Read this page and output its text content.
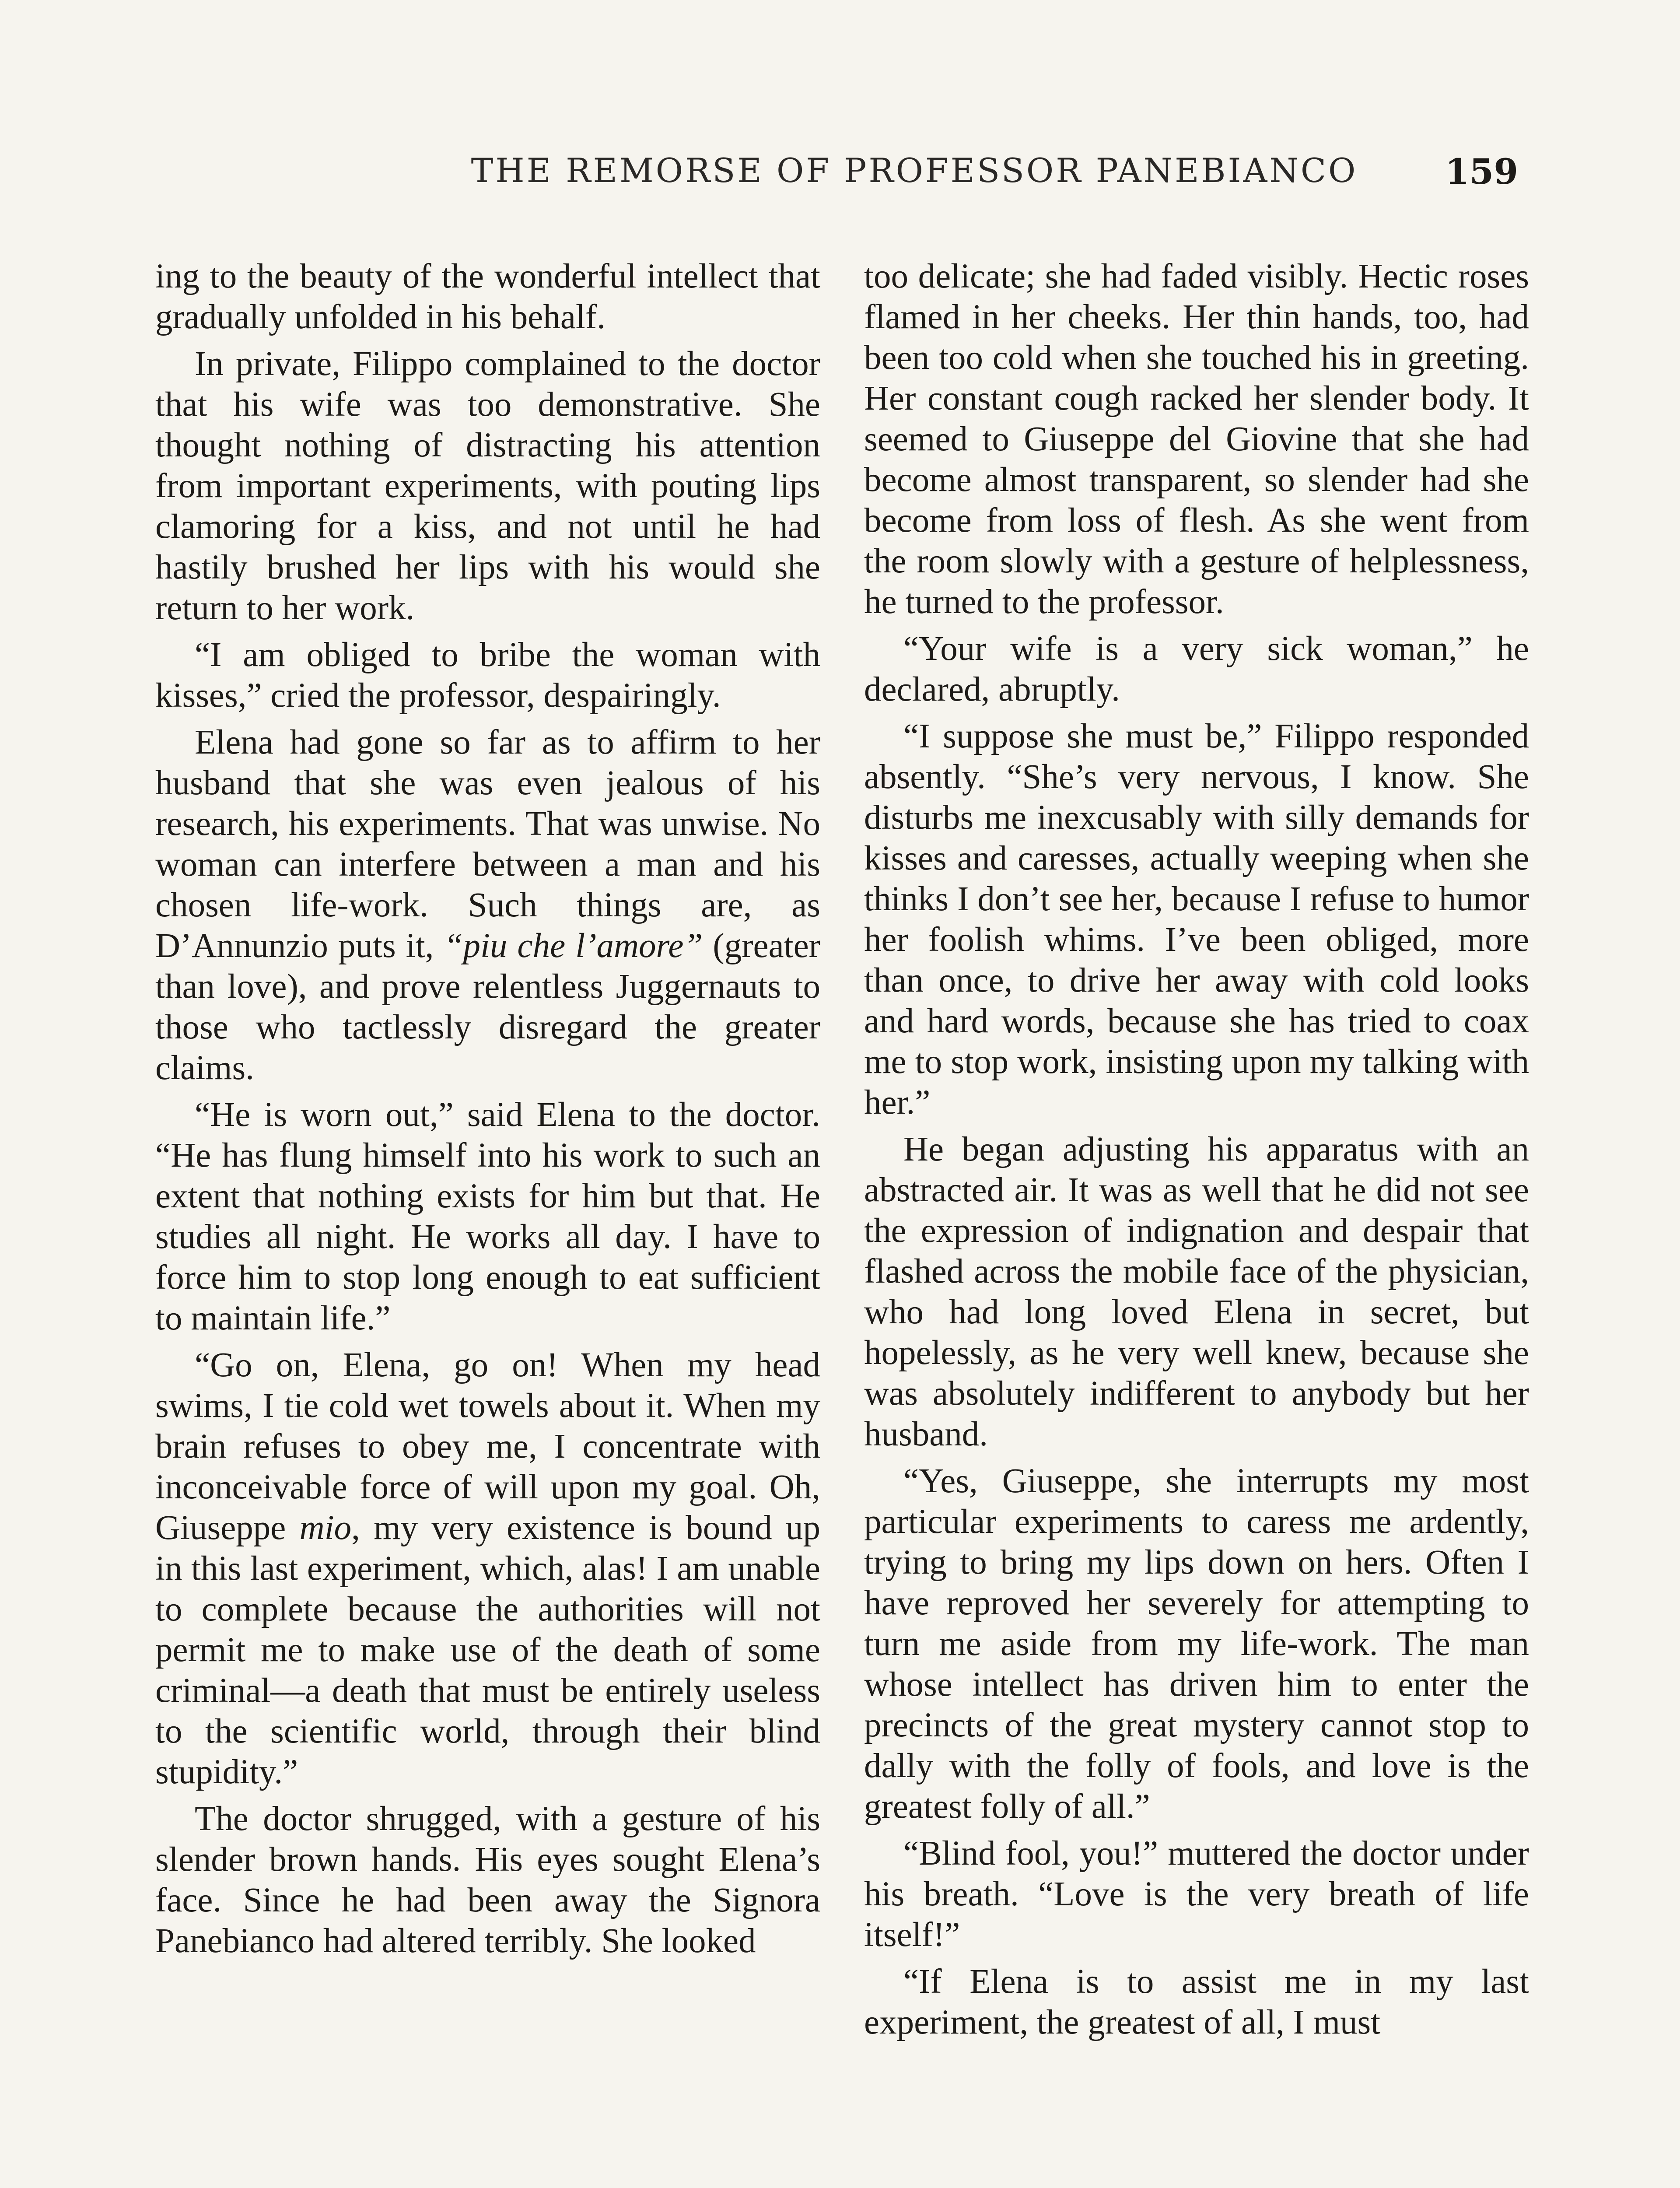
THE REMORSE OF PROFESSOR PANEBIANCO	159

ing to the beauty of the wonderful intellect that gradually unfolded in his behalf.

In private, Filippo complained to the doctor that his wife was too demonstrative. She thought nothing of distracting his attention from important experiments, with pouting lips clamoring for a kiss, and not until he had hastily brushed her lips with his would she return to her work.

“I am obliged to bribe the woman with kisses,” cried the professor, despairingly.

Elena had gone so far as to affirm to her husband that she was even jealous of his research, his experiments. That was unwise. No woman can interfere between a man and his chosen life-work. Such things are, as D’Annunzio puts it, “piu che l’amore” (greater than love), and prove relentless Juggernauts to those who tactlessly disregard the greater claims.

“He is worn out,” said Elena to the doctor. “He has flung himself into his work to such an extent that nothing exists for him but that. He studies all night. He works all day. I have to force him to stop long enough to eat sufficient to maintain life.”

“Go on, Elena, go on! When my head swims, I tie cold wet towels about it. When my brain refuses to obey me, I concentrate with inconceivable force of will upon my goal. Oh, Giuseppe mio, my very existence is bound up in this last experiment, which, alas! I am unable to complete because the authorities will not permit me to make use of the death of some criminal—a death that must be entirely useless to the scientific world, through their blind stupidity.”

The doctor shrugged, with a gesture of his slender brown hands. His eyes sought Elena’s face. Since he had been away the Signora Panebianco had altered terribly. She looked

too delicate; she had faded visibly. Hectic roses flamed in her cheeks. Her thin hands, too, had been too cold when she touched his in greeting. Her constant cough racked her slender body. It seemed to Giuseppe del Giovine that she had become almost transparent, so slender had she become from loss of flesh. As she went from the room slowly with a gesture of helplessness, he turned to the professor.

“Your wife is a very sick woman,” he declared, abruptly.

“I suppose she must be,” Filippo responded absently. “She’s very nervous, I know. She disturbs me inexcusably with silly demands for kisses and caresses, actually weeping when she thinks I don’t see her, because I refuse to humor her foolish whims. I’ve been obliged, more than once, to drive her away with cold looks and hard words, because she has tried to coax me to stop work, insisting upon my talking with her.”

He began adjusting his apparatus with an abstracted air. It was as well that he did not see the expression of indignation and despair that flashed across the mobile face of the physician, who had long loved Elena in secret, but hopelessly, as he very well knew, because she was absolutely indifferent to anybody but her husband.

“Yes, Giuseppe, she interrupts my most particular experiments to caress me ardently, trying to bring my lips down on hers. Often I have reproved her severely for attempting to turn me aside from my life-work. The man whose intellect has driven him to enter the precincts of the great mystery cannot stop to dally with the folly of fools, and love is the greatest folly of all.”

“Blind fool, you!” muttered the doctor under his breath. “Love is the very breath of life itself!”

“If Elena is to assist me in my last experiment, the greatest of all, I must
